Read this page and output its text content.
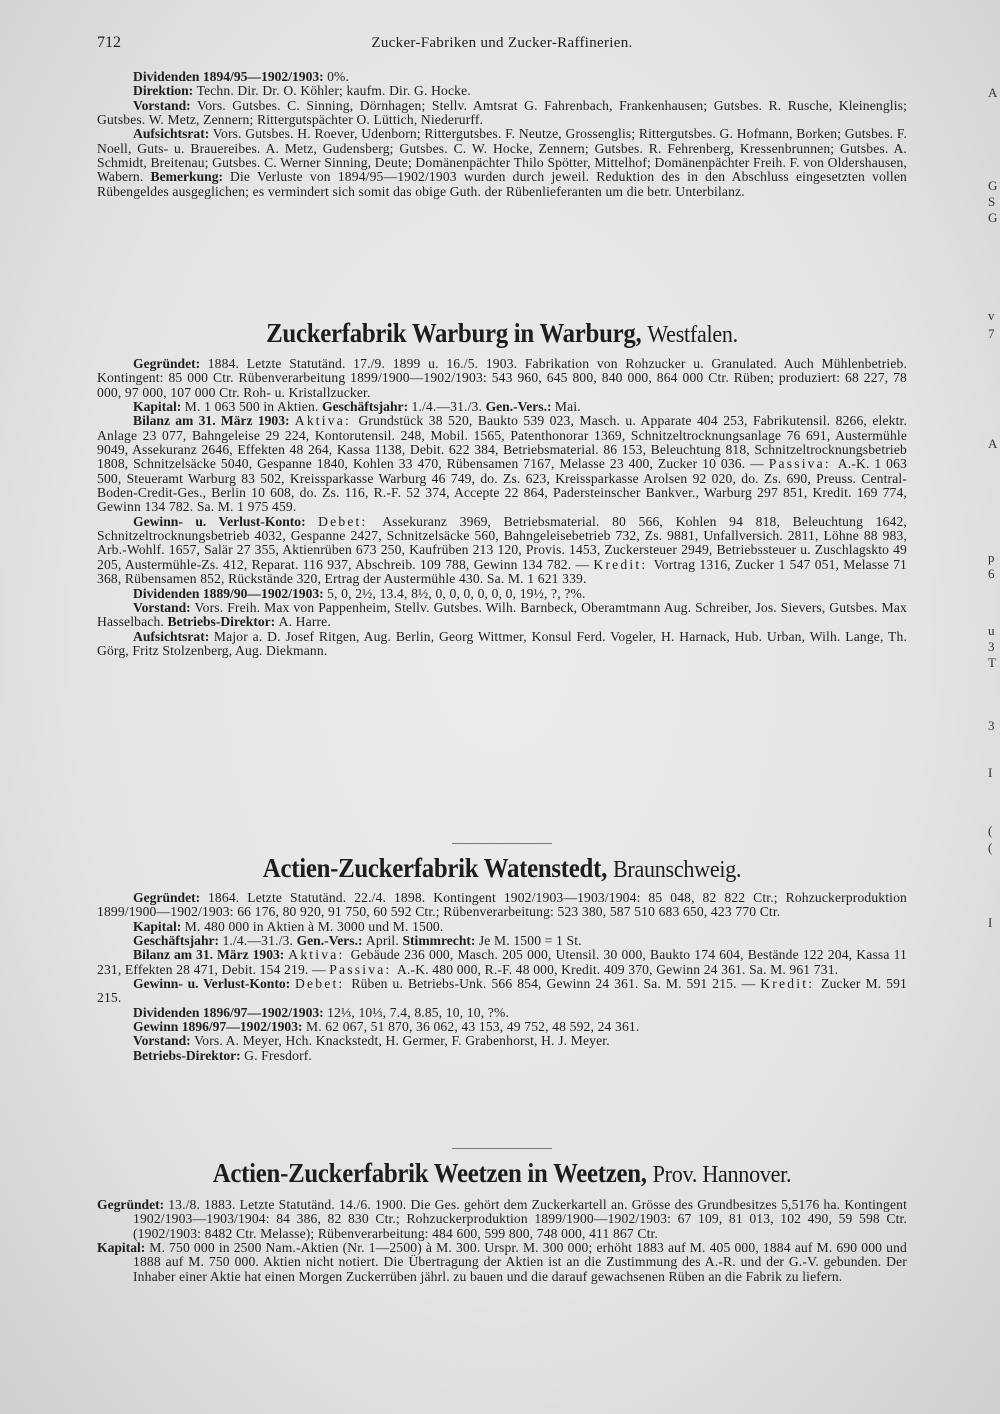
712	Zucker-Fabriken und Zucker-Raffinerien.

Dividenden 1894/95—1902/1903: 0%.

Direktion: Techn. Dir. Dr. O. Köhler; kaufm. Dir. G. Hocke.

Vorstand: Vors. Gutsbes. C. Sinning, Dörnhagen; Stellv. Amtsrat G. Fahrenbach, Frankenhausen; Gutsbes. R. Rusche, Kleinenglis; Gutsbes. W. Metz, Zennern; Rittergutspächter O. Lüttich, Niederurff.

Aufsichtsrat: Vors. Gutsbes. H. Roever, Udenborn; Rittergutsbes. F. Neutze, Grossenglis; Rittergutsbes. G. Hofmann, Borken; Gutsbes. F. Noell, Guts- u. Brauereibes. A. Metz, Gudensberg; Gutsbes. C. W. Hocke, Zennern; Gutsbes. R. Fehrenberg, Kressenbrunnen; Gutsbes. A. Schmidt, Breitenau; Gutsbes. C. Werner Sinning, Deute; Domänenpächter Thilo Spötter, Mittelhof; Domänenpächter Freih. F. von Oldershausen, Wabern. Bemerkung: Die Verluste von 1894/95—1902/1903 wurden durch jeweil. Reduktion des in den Abschluss eingesetzten vollen Rübengeldes ausgeglichen; es vermindert sich somit das obige Guth. der Rübenlieferanten um die betr. Unterbilanz.

Zuckerfabrik Warburg in Warburg, Westfalen.

Gegründet: 1884. Letzte Statutänd. 17./9. 1899 u. 16./5. 1903. Fabrikation von Rohzucker u. Granulated. Auch Mühlenbetrieb. Kontingent: 85 000 Ctr. Rübenverarbeitung 1899/1900—1902/1903: 543 960, 645 800, 840 000, 864 000 Ctr. Rüben; produziert: 68 227, 78 000, 97 000, 107 000 Ctr. Roh- u. Kristallzucker.

Kapital: M. 1 063 500 in Aktien. Geschäftsjahr: 1./4.—31./3. Gen.-Vers.: Mai.

Bilanz am 31. März 1903: Aktiva: Grundstück 38 520, Baukto 539 023, Masch. u. Apparate 404 253, Fabrikutensil. 8266, elektr. Anlage 23 077, Bahngeleise 29 224, Kontorutensil. 248, Mobil. 1565, Patenthonorar 1369, Schnitzeltrocknungsanlage 76 691, Austermühle 9049, Assekuranz 2646, Effekten 48 264, Kassa 1138, Debit. 622 384, Betriebsmaterial. 86 153, Beleuchtung 818, Schnitzeltrocknungsbetrieb 1808, Schnitzelsäcke 5040, Gespanne 1840, Kohlen 33 470, Rübensamen 7167, Melasse 23 400, Zucker 10 036. — Passiva: A.-K. 1 063 500, Steueramt Warburg 83 502, Kreissparkasse Warburg 46 749, do. Zs. 623, Kreissparkasse Arolsen 92 020, do. Zs. 690, Preuss. Central-Boden-Credit-Ges., Berlin 10 608, do. Zs. 116, R.-F. 52 374, Accepte 22 864, Padersteinscher Bankver., Warburg 297 851, Kredit. 169 774, Gewinn 134 782. Sa. M. 1 975 459.

Gewinn- u. Verlust-Konto: Debet: Assekuranz 3969, Betriebsmaterial. 80 566, Kohlen 94 818, Beleuchtung 1642, Schnitzeltrocknungsbetrieb 4032, Gespanne 2427, Schnitzelsäcke 560, Bahngeleisebetrieb 732, Zs. 9881, Unfallversich. 2811, Löhne 88 983, Arb.-Wohlf. 1657, Salär 27 355, Aktienrüben 673 250, Kaufrüben 213 120, Provis. 1453, Zuckersteuer 2949, Betriebssteuer u. Zuschlagskto 49 205, Austermühle-Zs. 412, Reparat. 116 937, Abschreib. 109 788, Gewinn 134 782. — Kredit: Vortrag 1316, Zucker 1 547 051, Melasse 71 368, Rübensamen 852, Rückstände 320, Ertrag der Austermühle 430. Sa. M. 1 621 339.

Dividenden 1889/90—1902/1903: 5, 0, 2½, 13.4, 8½, 0, 0, 0, 0, 0, 0, 19½, ?, ?%.

Vorstand: Vors. Freih. Max von Pappenheim, Stellv. Gutsbes. Wilh. Barnbeck, Oberamtmann Aug. Schreiber, Jos. Sievers, Gutsbes. Max Hasselbach. Betriebs-Direktor: A. Harre.

Aufsichtsrat: Major a. D. Josef Ritgen, Aug. Berlin, Georg Wittmer, Konsul Ferd. Vogeler, H. Harnack, Hub. Urban, Wilh. Lange, Th. Görg, Fritz Stolzenberg, Aug. Diekmann.

Actien-Zuckerfabrik Watenstedt, Braunschweig.

Gegründet: 1864. Letzte Statutänd. 22./4. 1898. Kontingent 1902/1903—1903/1904: 85 048, 82 822 Ctr.; Rohzuckerproduktion 1899/1900—1902/1903: 66 176, 80 920, 91 750, 60 592 Ctr.; Rübenverarbeitung: 523 380, 587 510 683 650, 423 770 Ctr.

Kapital: M. 480 000 in Aktien à M. 3000 und M. 1500.

Geschäftsjahr: 1./4.—31./3. Gen.-Vers.: April. Stimmrecht: Je M. 1500 = 1 St.

Bilanz am 31. März 1903: Aktiva: Gebäude 236 000, Masch. 205 000, Utensil. 30 000, Baukto 174 604, Bestände 122 204, Kassa 11 231, Effekten 28 471, Debit. 154 219. — Passiva: A.-K. 480 000, R.-F. 48 000, Kredit. 409 370, Gewinn 24 361. Sa. M. 961 731.

Gewinn- u. Verlust-Konto: Debet: Rüben u. Betriebs-Unk. 566 854, Gewinn 24 361. Sa. M. 591 215. — Kredit: Zucker M. 591 215.

Dividenden 1896/97—1902/1903: 12⅓, 10⅓, 7.4, 8.85, 10, 10, ?%.

Gewinn 1896/97—1902/1903: M. 62 067, 51 870, 36 062, 43 153, 49 752, 48 592, 24 361.

Vorstand: Vors. A. Meyer, Hch. Knackstedt, H. Germer, F. Grabenhorst, H. J. Meyer.

Betriebs-Direktor: G. Fresdorf.

Actien-Zuckerfabrik Weetzen in Weetzen, Prov. Hannover.

Gegründet: 13./8. 1883. Letzte Statutänd. 14./6. 1900. Die Ges. gehört dem Zuckerkartell an. Grösse des Grundbesitzes 5,5176 ha. Kontingent 1902/1903—1903/1904: 84 386, 82 830 Ctr.; Rohzuckerproduktion 1899/1900—1902/1903: 67 109, 81 013, 102 490, 59 598 Ctr. (1902/1903: 8482 Ctr. Melasse); Rübenverarbeitung: 484 600, 599 800, 748 000, 411 867 Ctr.

Kapital: M. 750 000 in 2500 Nam.-Aktien (Nr. 1—2500) à M. 300. Urspr. M. 300 000; erhöht 1883 auf M. 405 000, 1884 auf M. 690 000 und 1888 auf M. 750 000. Aktien nicht notiert. Die Übertragung der Aktien ist an die Zustimmung des A.-R. und der G.-V. gebunden. Der Inhaber einer Aktie hat einen Morgen Zuckerrüben jährl. zu bauen und die darauf gewachsenen Rüben an die Fabrik zu liefern.

A
G
S
G
v
7
A
p
6
u
3
T
3
I
(
(
I
